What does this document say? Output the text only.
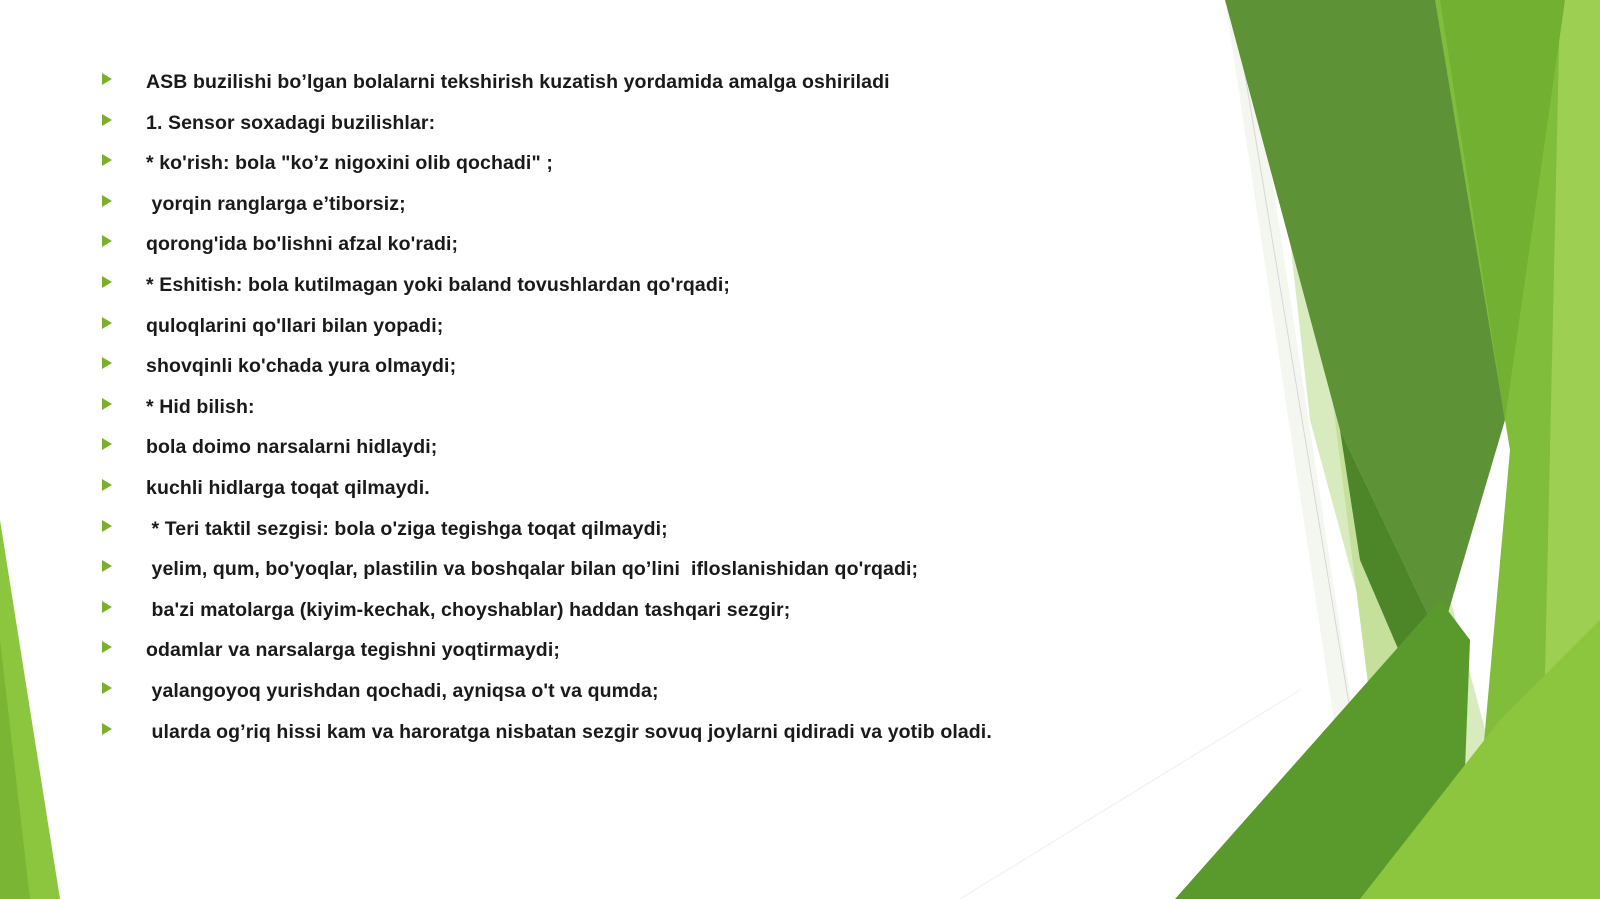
ASB buzilishi bo’lgan bolalarni tekshirish kuzatish yordamida amalga oshiriladi
1. Sensor soxadagi buzilishlar:
* ko'rish: bola "ko’z nigoxini olib qochadi" ;
yorqin ranglarga e’tiborsiz;
qorong'ida bo'lishni afzal ko'radi;
* Eshitish: bola kutilmagan yoki baland tovushlardan qo'rqadi;
quloqlarini qo'llari bilan yopadi;
shovqinli ko'chada yura olmaydi;
* Hid bilish:
bola doimo narsalarni hidlaydi;
kuchli hidlarga toqat qilmaydi.
* Teri taktil sezgisi: bola o'ziga tegishga toqat qilmaydi;
yelim, qum, bo'yoqlar, plastilin va boshqalar bilan qo’lini  ifloslanishidan qo'rqadi;
ba'zi matolarga (kiyim-kechak, choyshablar) haddan tashqari sezgir;
odamlar va narsalarga tegishni yoqtirmaydi;
yalangoyoq yurishdan qochadi, ayniqsa o't va qumda;
ularda og’riq hissi kam va haroratga nisbatan sezgir sovuq joylarni qidiradi va yotib oladi.
